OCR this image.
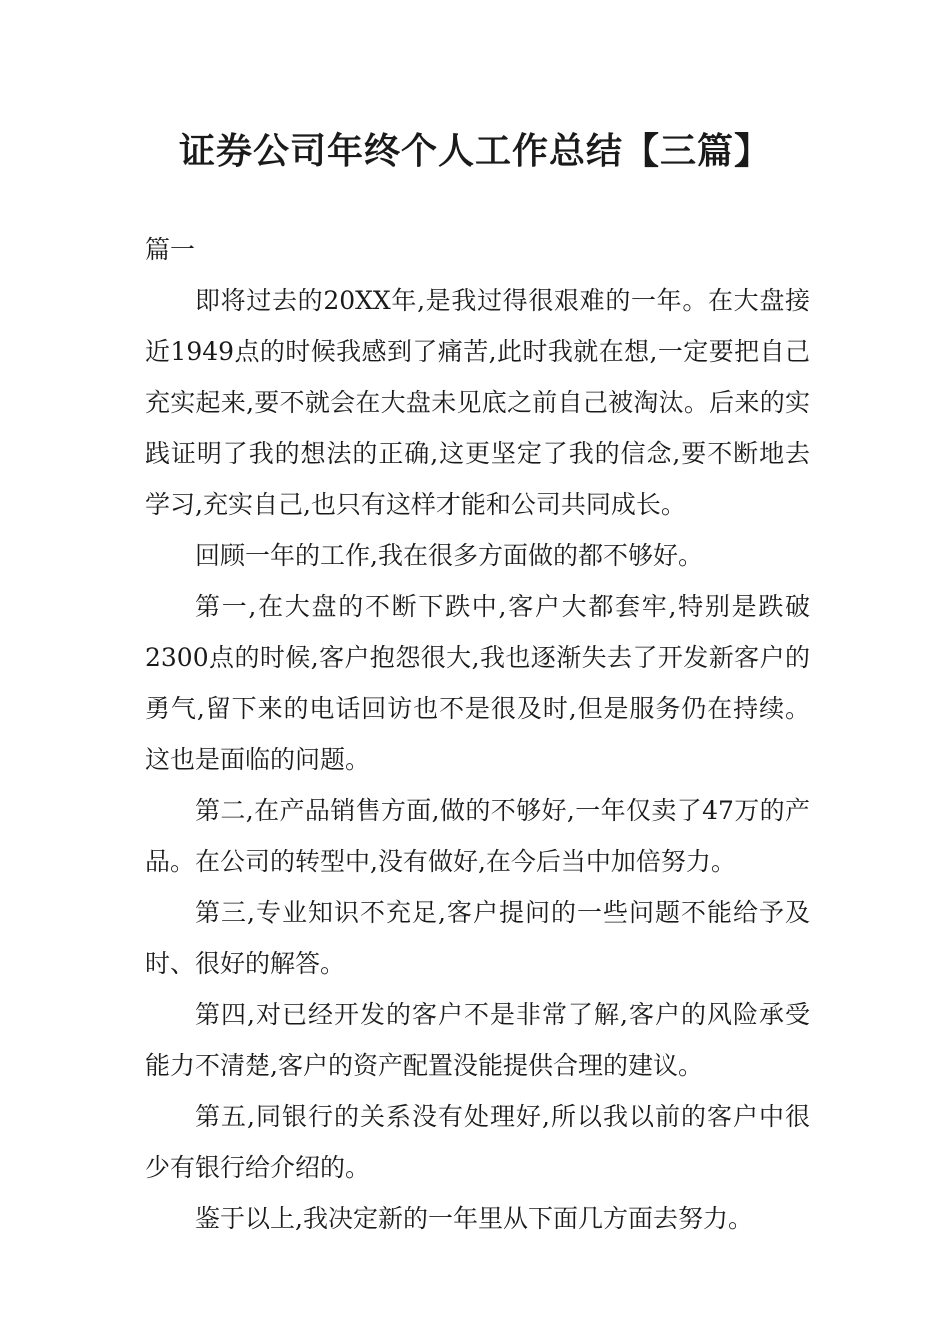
证券公司年终个人工作总结【三篇】

篇一

即将过去的20XX年,是我过得很艰难的一年。在大盘接近1949点的时候我感到了痛苦,此时我就在想,一定要把自己充实起来,要不就会在大盘未见底之前自己被淘汰。后来的实践证明了我的想法的正确,这更坚定了我的信念,要不断地去学习,充实自己,也只有这样才能和公司共同成长。

回顾一年的工作,我在很多方面做的都不够好。

第一,在大盘的不断下跌中,客户大都套牢,特别是跌破2300点的时候,客户抱怨很大,我也逐渐失去了开发新客户的勇气,留下来的电话回访也不是很及时,但是服务仍在持续。这也是面临的问题。

第二,在产品销售方面,做的不够好,一年仅卖了47万的产品。在公司的转型中,没有做好,在今后当中加倍努力。

第三,专业知识不充足,客户提问的一些问题不能给予及时、很好的解答。

第四,对已经开发的客户不是非常了解,客户的风险承受能力不清楚,客户的资产配置没能提供合理的建议。

第五,同银行的关系没有处理好,所以我以前的客户中很少有银行给介绍的。

鉴于以上,我决定新的一年里从下面几方面去努力。
